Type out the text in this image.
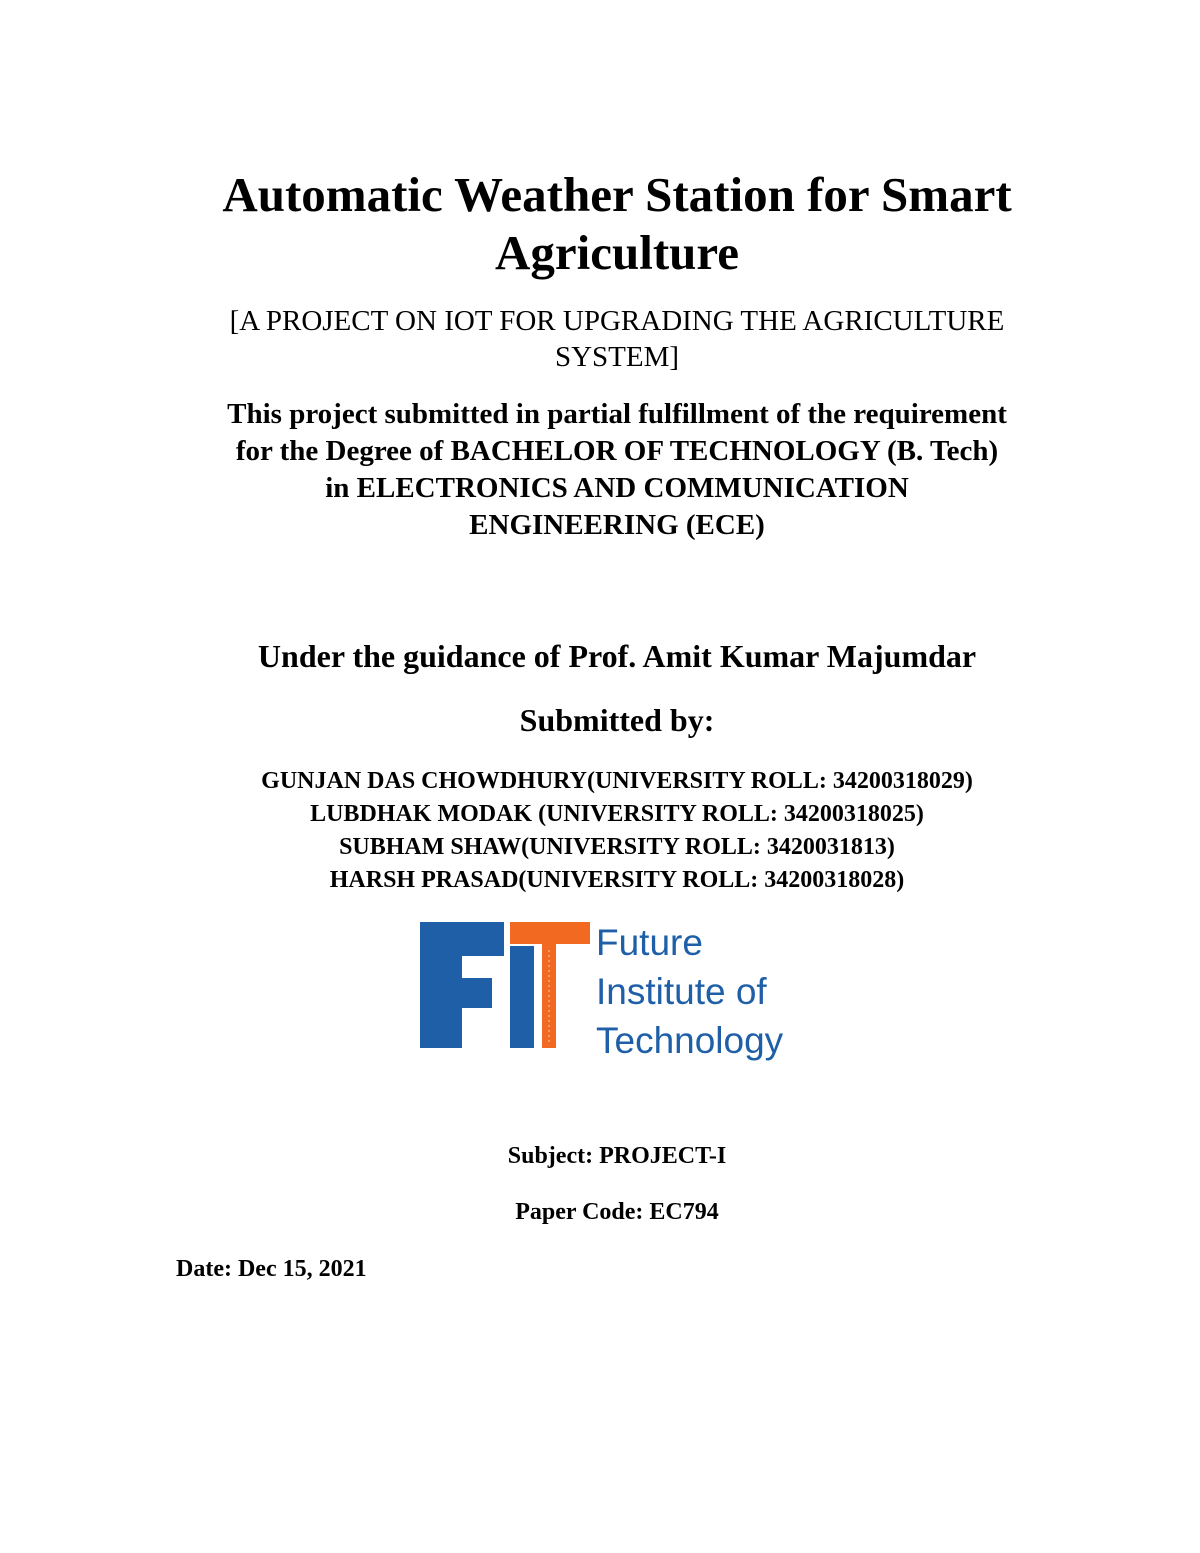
Automatic Weather Station for Smart
Agriculture
[A PROJECT ON IOT FOR UPGRADING THE AGRICULTURE
SYSTEM]
This project submitted in partial fulfillment of the requirement
for the Degree of BACHELOR OF TECHNOLOGY (B. Tech)
in ELECTRONICS AND COMMUNICATION
ENGINEERING (ECE)
Under the guidance of Prof. Amit Kumar Majumdar
Submitted by:
GUNJAN DAS CHOWDHURY(UNIVERSITY ROLL: 34200318029)
LUBDHAK MODAK (UNIVERSITY ROLL: 34200318025)
SUBHAM SHAW(UNIVERSITY ROLL: 3420031813)
HARSH PRASAD(UNIVERSITY ROLL: 34200318028)
Future
Institute of
Technology
Subject: PROJECT-I
Paper Code: EC794
Date: Dec 15, 2021
